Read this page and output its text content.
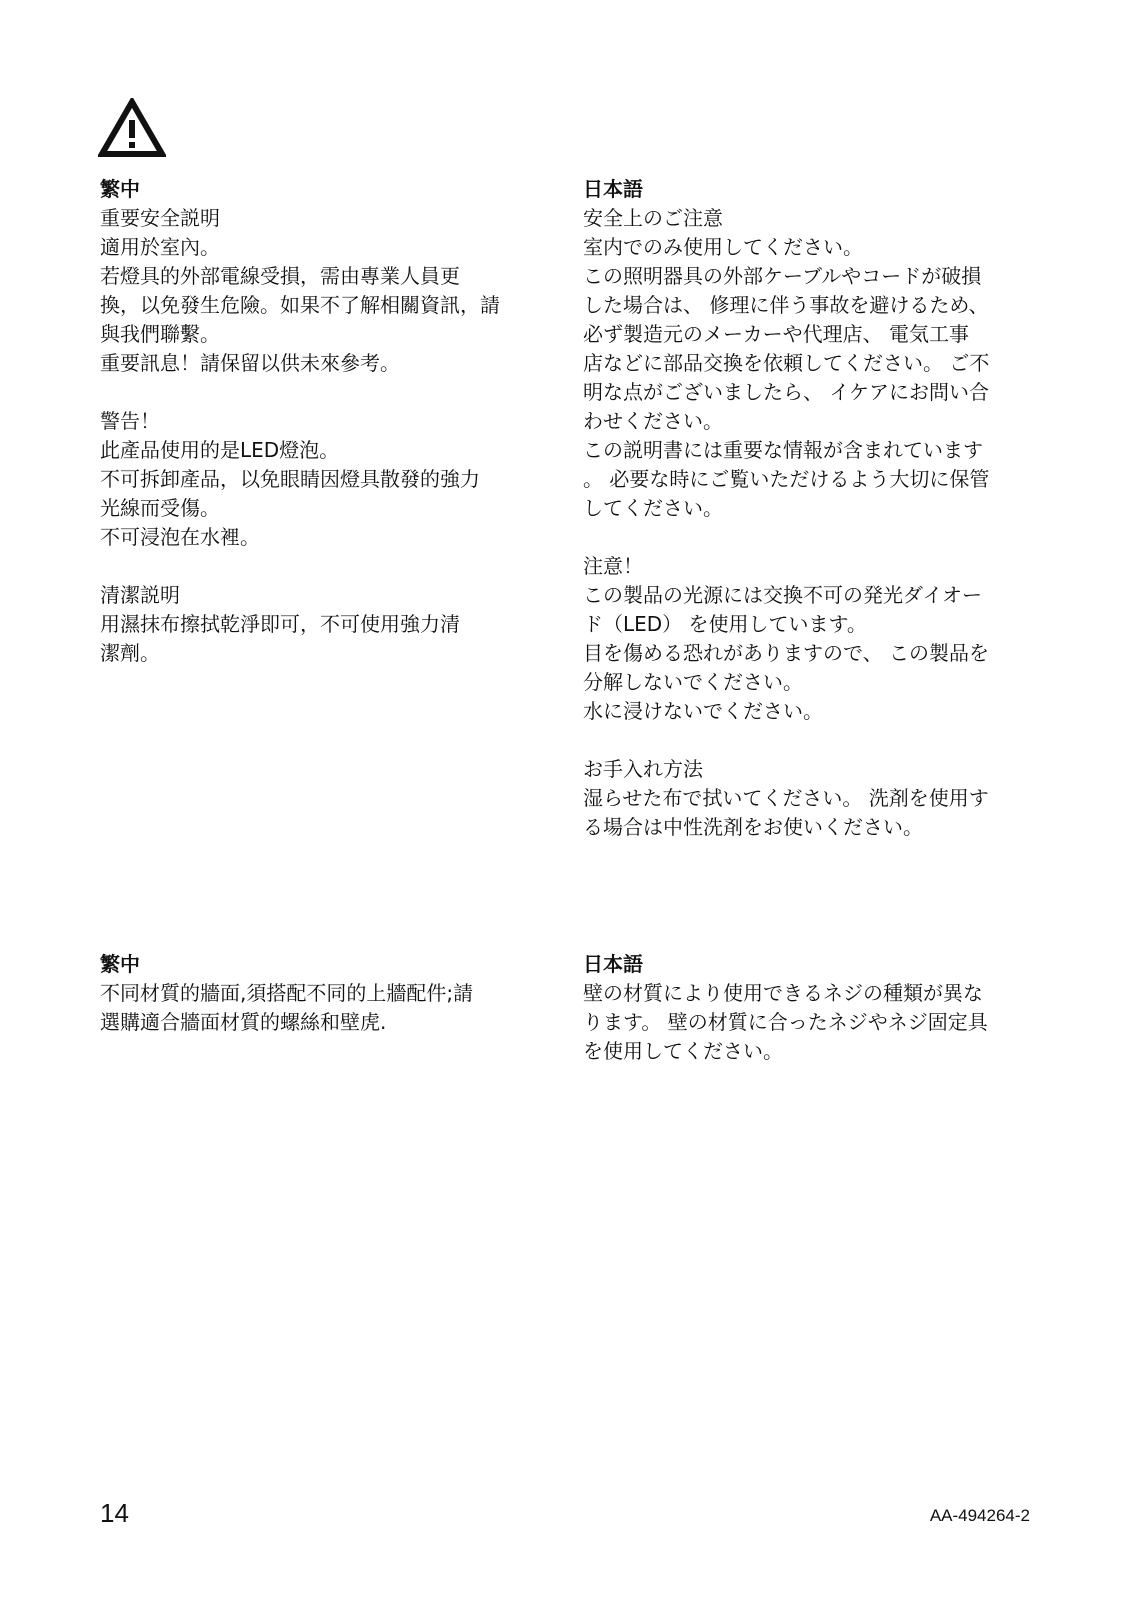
繁中

重要安全説明

適用於室內。

若燈具的外部電線受損，需由專業人員更

換，以免發生危險。如果不了解相關資訊，請

與我們聯繫。

重要訊息！請保留以供未來參考。

警告！

此產品使用的是LED燈泡。

不可拆卸產品，以免眼睛因燈具散發的強力

光線而受傷。

不可浸泡在水裡。

清潔説明

用濕抹布擦拭乾淨即可，不可使用強力清

潔劑。

日本語

安全上のご注意

室内でのみ使用してください。

この照明器具の外部ケーブルやコードが破損

した場合は、 修理に伴う事故を避けるため、

必ず製造元のメーカーや代理店、 電気工事

店などに部品交換を依頼してください。 ご不

明な点がございましたら、 イケアにお問い合

わせください。

この説明書には重要な情報が含まれています

。 必要な時にご覧いただけるよう大切に保管

してください。

注意！

この製品の光源には交換不可の発光ダイオー

ド（LED） を使用しています。

目を傷める恐れがありますので、 この製品を

分解しないでください。

水に浸けないでください。

お手入れ方法

湿らせた布で拭いてください。 洗剤を使用す

る場合は中性洗剤をお使いください。

繁中

不同材質的牆面,須搭配不同的上牆配件;請

選購適合牆面材質的螺絲和壁虎.

日本語

壁の材質により使用できるネジの種類が異な

ります。 壁の材質に合ったネジやネジ固定具

を使用してください。

14	AA-494264-2
